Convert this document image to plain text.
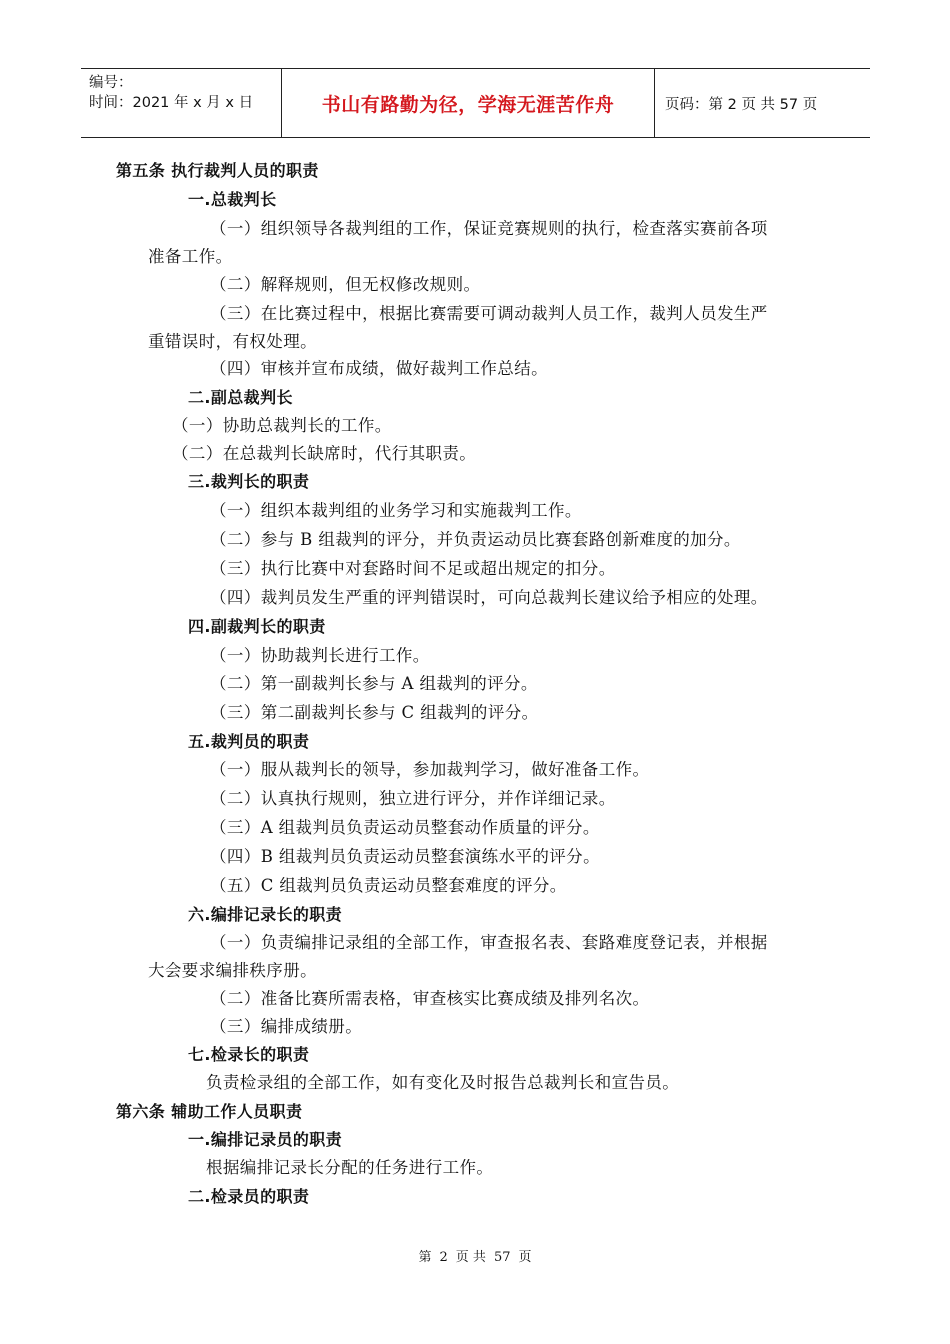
编号：
时间：2021 年 x 月 x 日	书山有路勤为径，学海无涯苦作舟	页码：第 2 页 共 57 页
第五条 执行裁判人员的职责
一.总裁判长
（一）组织领导各裁判组的工作，保证竞赛规则的执行，检查落实赛前各项
准备工作。
（二）解释规则，但无权修改规则。
（三）在比赛过程中，根据比赛需要可调动裁判人员工作，裁判人员发生严
重错误时，有权处理。
（四）审核并宣布成绩，做好裁判工作总结。
二.副总裁判长
（一）协助总裁判长的工作。
（二）在总裁判长缺席时，代行其职责。
三.裁判长的职责
（一）组织本裁判组的业务学习和实施裁判工作。
（二）参与 B 组裁判的评分，并负责运动员比赛套路创新难度的加分。
（三）执行比赛中对套路时间不足或超出规定的扣分。
（四）裁判员发生严重的评判错误时，可向总裁判长建议给予相应的处理。
四.副裁判长的职责
（一）协助裁判长进行工作。
（二）第一副裁判长参与 A 组裁判的评分。
（三）第二副裁判长参与 C 组裁判的评分。
五.裁判员的职责
（一）服从裁判长的领导，参加裁判学习，做好准备工作。
（二）认真执行规则，独立进行评分，并作详细记录。
（三）A 组裁判员负责运动员整套动作质量的评分。
（四）B 组裁判员负责运动员整套演练水平的评分。
（五）C 组裁判员负责运动员整套难度的评分。
六.编排记录长的职责
（一）负责编排记录组的全部工作，审查报名表、套路难度登记表，并根据
大会要求编排秩序册。
（二）准备比赛所需表格，审查核实比赛成绩及排列名次。
（三）编排成绩册。
七.检录长的职责
负责检录组的全部工作，如有变化及时报告总裁判长和宣告员。
第六条 辅助工作人员职责
一.编排记录员的职责
根据编排记录长分配的任务进行工作。
二.检录员的职责
第 2 页 共 57 页
